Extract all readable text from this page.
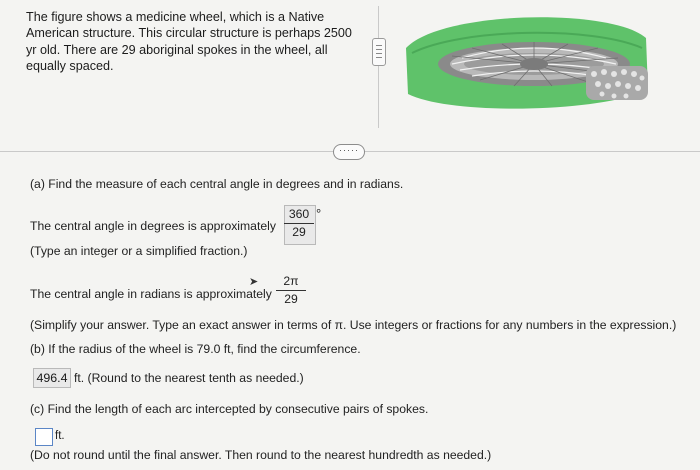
The figure shows a medicine wheel, which is a Native
American structure. This circular structure is perhaps 2500
yr old. There are 29 aboriginal spokes in the wheel, all
equally spaced.
·····
(a) Find the measure of each central angle in degrees and in radians.
The central angle in degrees is approximately
360
29
°
(Type an integer or a simplified fraction.)
➤
The central angle in radians is approximately
2π
29
(Simplify your answer. Type an exact answer in terms of π. Use integers or fractions for any numbers in the expression.)
(b) If the radius of the wheel is 79.0 ft, find the circumference.
496.4 ft. (Round to the nearest tenth as needed.)
(c) Find the length of each arc intercepted by consecutive pairs of spokes.
ft.
(Do not round until the final answer. Then round to the nearest hundredth as needed.)
